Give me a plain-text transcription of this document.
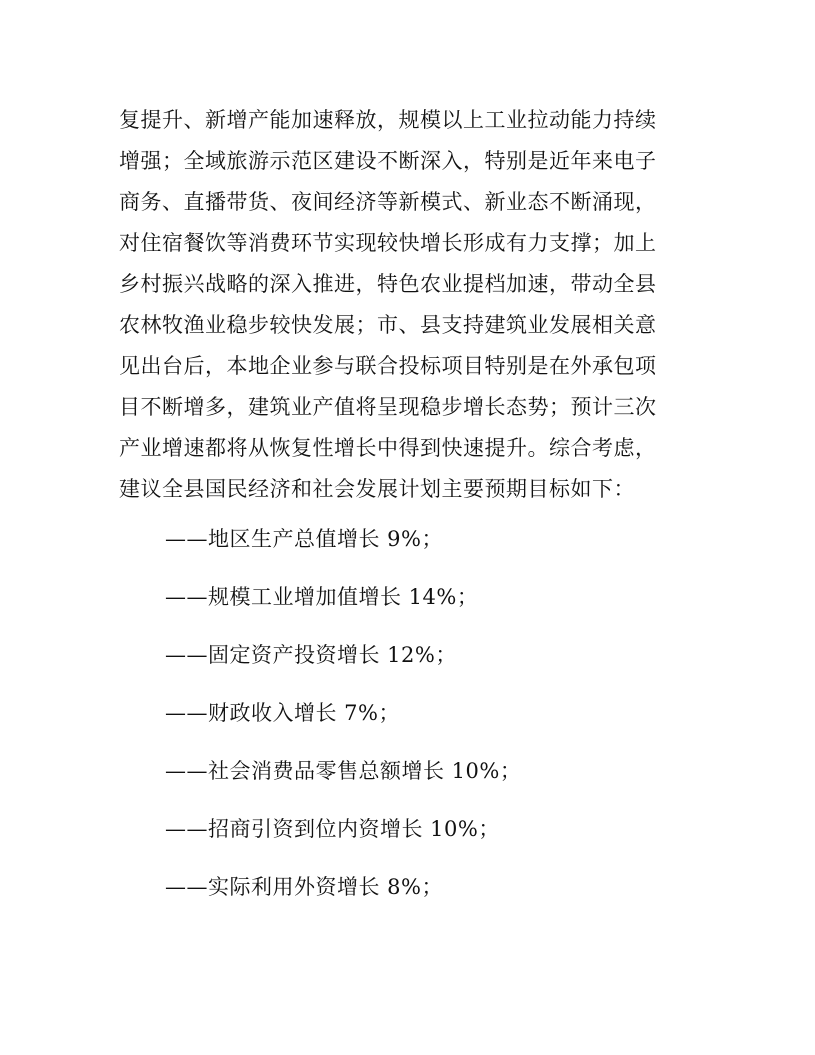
复提升、新增产能加速释放，规模以上工业拉动能力持续
增强；全域旅游示范区建设不断深入，特别是近年来电子
商务、直播带货、夜间经济等新模式、新业态不断涌现，
对住宿餐饮等消费环节实现较快增长形成有力支撑；加上
乡村振兴战略的深入推进，特色农业提档加速，带动全县
农林牧渔业稳步较快发展；市、县支持建筑业发展相关意
见出台后，本地企业参与联合投标项目特别是在外承包项
目不断增多，建筑业产值将呈现稳步增长态势；预计三次
产业增速都将从恢复性增长中得到快速提升。综合考虑，
建议全县国民经济和社会发展计划主要预期目标如下：
——地区生产总值增长 9%；
——规模工业增加值增长 14%；
——固定资产投资增长 12%；
——财政收入增长 7%；
——社会消费品零售总额增长 10%；
——招商引资到位内资增长 10%；
——实际利用外资增长 8%；
